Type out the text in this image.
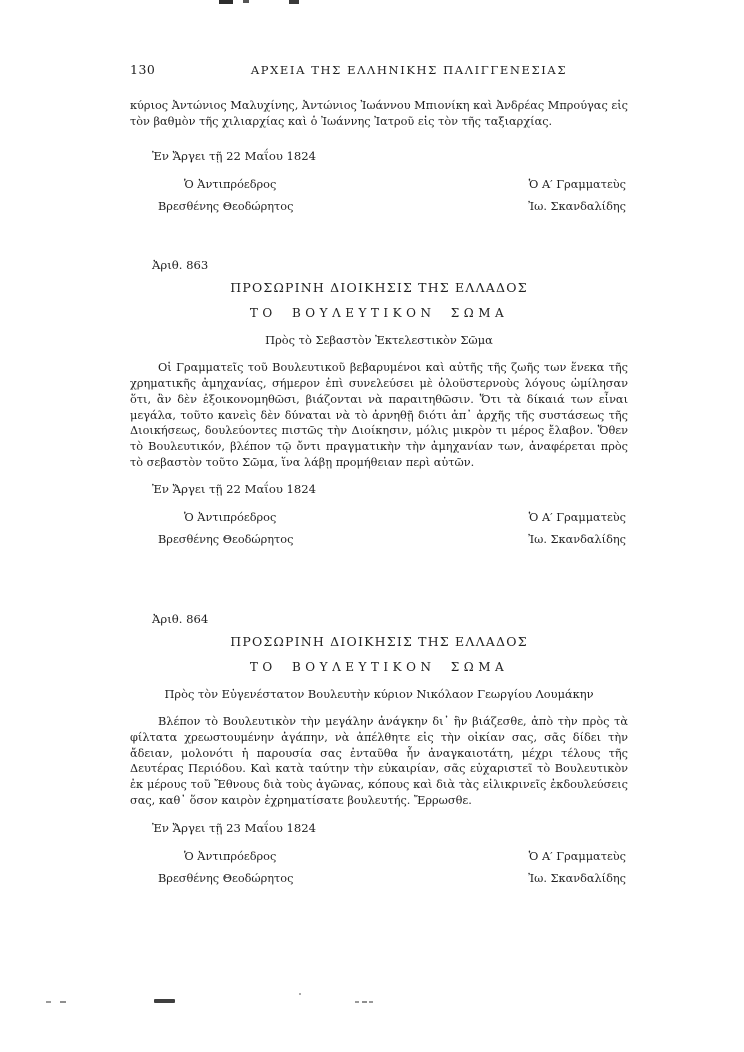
130	ΑΡΧΕΙΑ ΤΗΣ ΕΛΛΗΝΙΚΗΣ ΠΑΛΙΓΓΕΝΕΣΙΑΣ

κύριος Ἀντώνιος Μαλυχίνης, Ἀντώνιος Ἰωάννου Μπιονίκη καὶ Ἀνδρέας Μπρούγας εἰς τὸν βαθμὸν τῆς χιλιαρχίας καὶ ὁ Ἰωάννης Ἰατροῦ εἰς τὸν τῆς ταξιαρχίας.

Ἐν Ἄργει τῇ 22 Μαΐου 1824
Ὁ Ἀντιπρόεδρος
Βρεσθένης Θεοδώρητος
Ὁ Α′ Γραμματεὺς
Ἰω. Σκανδαλίδης
Ἀριθ. 863
ΠΡΟΣΩΡΙΝΗ ΔΙΟΙΚΗΣΙΣ ΤΗΣ ΕΛΛΑΔΟΣ
ΤΟ ΒΟΥΛΕΥΤΙΚΟΝ ΣΩΜΑ
Πρὸς τὸ Σεβαστὸν Ἐκτελεστικὸν Σῶμα

Οἱ Γραμματεῖς τοῦ Βουλευτικοῦ βεβαρυμένοι καὶ αὐτῆς τῆς ζωῆς των ἕνεκα τῆς χρηματικῆς ἀμηχανίας, σήμερον ἐπὶ συνελεύσει μὲ ὁλοϋστερνοὺς λόγους ὡμίλησαν ὅτι, ἂν δὲν ἐξοικονομηθῶσι, βιάζονται νὰ παραιτηθῶσιν. Ὅτι τὰ δίκαιά των εἶναι μεγάλα, τοῦτο κανεὶς δὲν δύναται νὰ τὸ ἀρνηθῇ διότι ἀπ᾽ ἀρχῆς τῆς συστάσεως τῆς Διοικήσεως, δουλεύοντες πιστῶς τὴν Διοίκησιν, μόλις μικρὸν τι μέρος ἔλαβον. Ὅθεν τὸ Βουλευτικόν, βλέπον τῷ ὄντι πραγματικὴν τὴν ἀμηχανίαν των, ἀναφέρεται πρὸς τὸ σεβαστὸν τοῦτο Σῶμα, ἵνα λάβῃ προμήθειαν περὶ αὐτῶν.

Ἐν Ἄργει τῇ 22 Μαΐου 1824
Ὁ Ἀντιπρόεδρος
Βρεσθένης Θεοδώρητος
Ὁ Α′ Γραμματεὺς
Ἰω. Σκανδαλίδης
Ἀριθ. 864
ΠΡΟΣΩΡΙΝΗ ΔΙΟΙΚΗΣΙΣ ΤΗΣ ΕΛΛΑΔΟΣ
ΤΟ ΒΟΥΛΕΥΤΙΚΟΝ ΣΩΜΑ
Πρὸς τὸν Εὐγενέστατον Βουλευτὴν κύριον Νικόλαον Γεωργίου Λουμάκην

Βλέπον τὸ Βουλευτικὸν τὴν μεγάλην ἀνάγκην δι᾽ ἣν βιάζεσθε, ἀπὸ τὴν πρὸς τὰ φίλτατα χρεωστουμένην ἀγάπην, νὰ ἀπέλθητε εἰς τὴν οἰκίαν σας, σᾶς δίδει τὴν ἄδειαν, μολονότι ἡ παρουσία σας ἐνταῦθα ἦν ἀναγκαιοτάτη, μέχρι τέλους τῆς Δευτέρας Περιόδου. Καὶ κατὰ ταύτην τὴν εὐκαιρίαν, σᾶς εὐχαριστεῖ τὸ Βουλευτικὸν ἐκ μέρους τοῦ Ἔθνους διὰ τοὺς ἀγῶνας, κόπους καὶ διὰ τὰς εἰλικρινεῖς ἐκδουλεύσεις σας, καθ᾽ ὅσον καιρὸν ἐχρηματίσατε βουλευτής. Ἔρρωσθε.

Ἐν Ἄργει τῇ 23 Μαΐου 1824
Ὁ Ἀντιπρόεδρος
Βρεσθένης Θεοδώρητος
Ὁ Α′ Γραμματεὺς
Ἰω. Σκανδαλίδης
